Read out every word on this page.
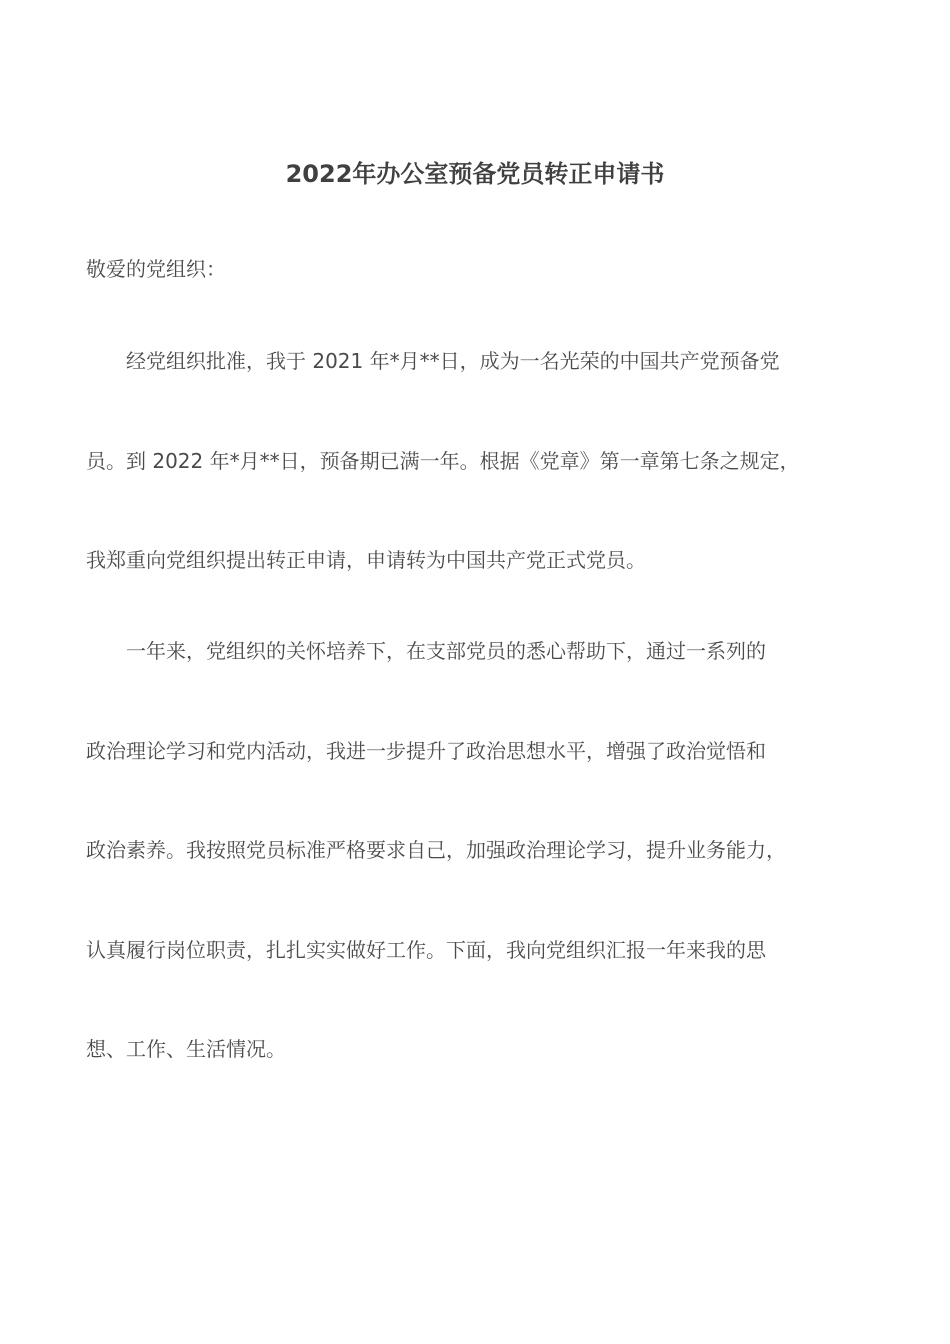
2022年办公室预备党员转正申请书

敬爱的党组织：

经党组织批准，我于 2021 年*月**日，成为一名光荣的中国共产党预备党

员。到 2022 年*月**日，预备期已满一年。根据《党章》第一章第七条之规定，

我郑重向党组织提出转正申请，申请转为中国共产党正式党员。

一年来，党组织的关怀培养下，在支部党员的悉心帮助下，通过一系列的

政治理论学习和党内活动，我进一步提升了政治思想水平，增强了政治觉悟和

政治素养。我按照党员标准严格要求自己，加强政治理论学习，提升业务能力，

认真履行岗位职责，扎扎实实做好工作。下面，我向党组织汇报一年来我的思

想、工作、生活情况。
